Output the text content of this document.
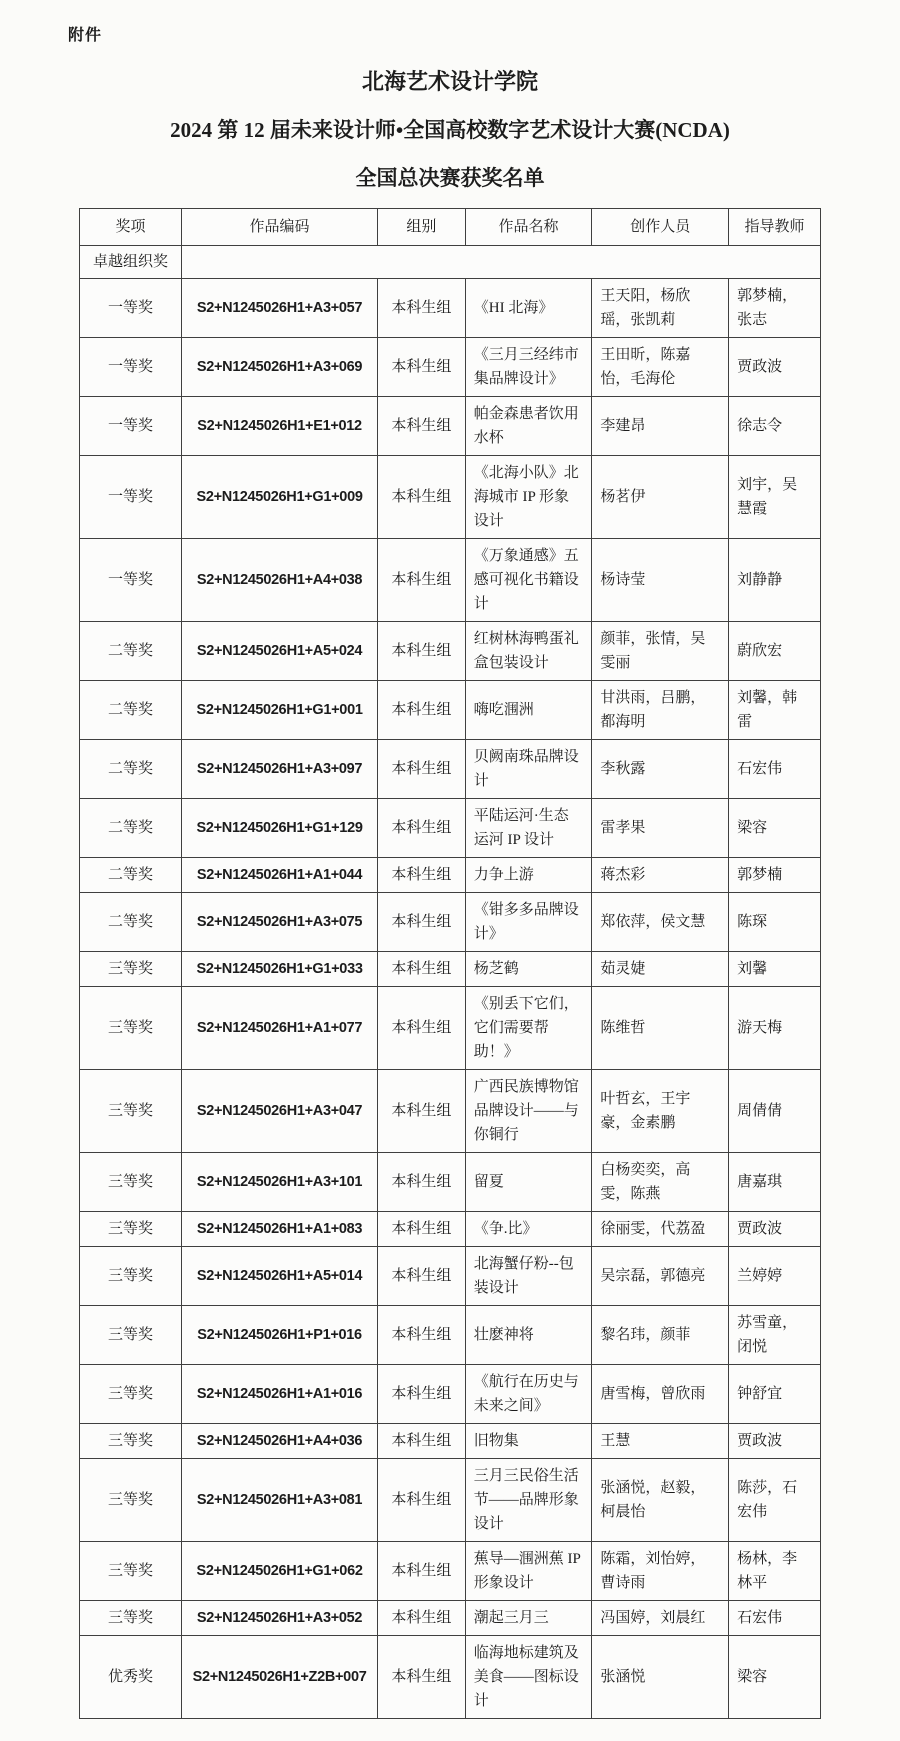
附件
北海艺术设计学院
2024 第 12 届未来设计师•全国高校数字艺术设计大赛(NCDA)
全国总决赛获奖名单
奖项	作品编码	组别	作品名称	创作人员	指导教师
卓越组织奖					
一等奖	S2+N1245026H1+A3+057	本科生组	《HI 北海》	王天阳，杨欣瑶，张凯莉	郭梦楠，张志
一等奖	S2+N1245026H1+A3+069	本科生组	《三月三经纬市集品牌设计》	王田昕，陈嘉怡，毛海伦	贾政波
一等奖	S2+N1245026H1+E1+012	本科生组	帕金森患者饮用水杯	李建昂	徐志令
一等奖	S2+N1245026H1+G1+009	本科生组	《北海小队》北海城市 IP 形象设计	杨茗伊	刘宇，吴慧霞
一等奖	S2+N1245026H1+A4+038	本科生组	《万象通感》五感可视化书籍设计	杨诗莹	刘静静
二等奖	S2+N1245026H1+A5+024	本科生组	红树林海鸭蛋礼盒包装设计	颜菲，张情，吴雯丽	蔚欣宏
二等奖	S2+N1245026H1+G1+001	本科生组	嗨吃涠洲	甘洪雨，吕鹏，都海明	刘馨，韩雷
二等奖	S2+N1245026H1+A3+097	本科生组	贝阙南珠品牌设计	李秋露	石宏伟
二等奖	S2+N1245026H1+G1+129	本科生组	平陆运河·生态运河 IP 设计	雷孝果	梁容
二等奖	S2+N1245026H1+A1+044	本科生组	力争上游	蒋杰彩	郭梦楠
二等奖	S2+N1245026H1+A3+075	本科生组	《钳多多品牌设计》	郑依萍，侯文慧	陈琛
三等奖	S2+N1245026H1+G1+033	本科生组	杨芝鹤	茹灵婕	刘馨
三等奖	S2+N1245026H1+A1+077	本科生组	《别丢下它们，它们需要帮助！》	陈维哲	游天梅
三等奖	S2+N1245026H1+A3+047	本科生组	广西民族博物馆品牌设计——与你铜行	叶哲玄，王宇豪，金素鹏	周倩倩
三等奖	S2+N1245026H1+A3+101	本科生组	留夏	白杨奕奕，高雯，陈燕	唐嘉琪
三等奖	S2+N1245026H1+A1+083	本科生组	《争.比》	徐丽雯，代荔盈	贾政波
三等奖	S2+N1245026H1+A5+014	本科生组	北海蟹仔粉--包装设计	吴宗磊，郭德亮	兰婷婷
三等奖	S2+N1245026H1+P1+016	本科生组	壮麽神将	黎名玮，颜菲	苏雪童，闭悦
三等奖	S2+N1245026H1+A1+016	本科生组	《航行在历史与未来之间》	唐雪梅，曾欣雨	钟舒宜
三等奖	S2+N1245026H1+A4+036	本科生组	旧物集	王慧	贾政波
三等奖	S2+N1245026H1+A3+081	本科生组	三月三民俗生活节——品牌形象设计	张涵悦，赵毅，柯晨怡	陈莎，石宏伟
三等奖	S2+N1245026H1+G1+062	本科生组	蕉导—涠洲蕉 IP 形象设计	陈霜，刘怡婷，曹诗雨	杨林，李林平
三等奖	S2+N1245026H1+A3+052	本科生组	潮起三月三	冯国婷，刘晨红	石宏伟
优秀奖	S2+N1245026H1+Z2B+007	本科生组	临海地标建筑及美食——图标设计	张涵悦	梁容
